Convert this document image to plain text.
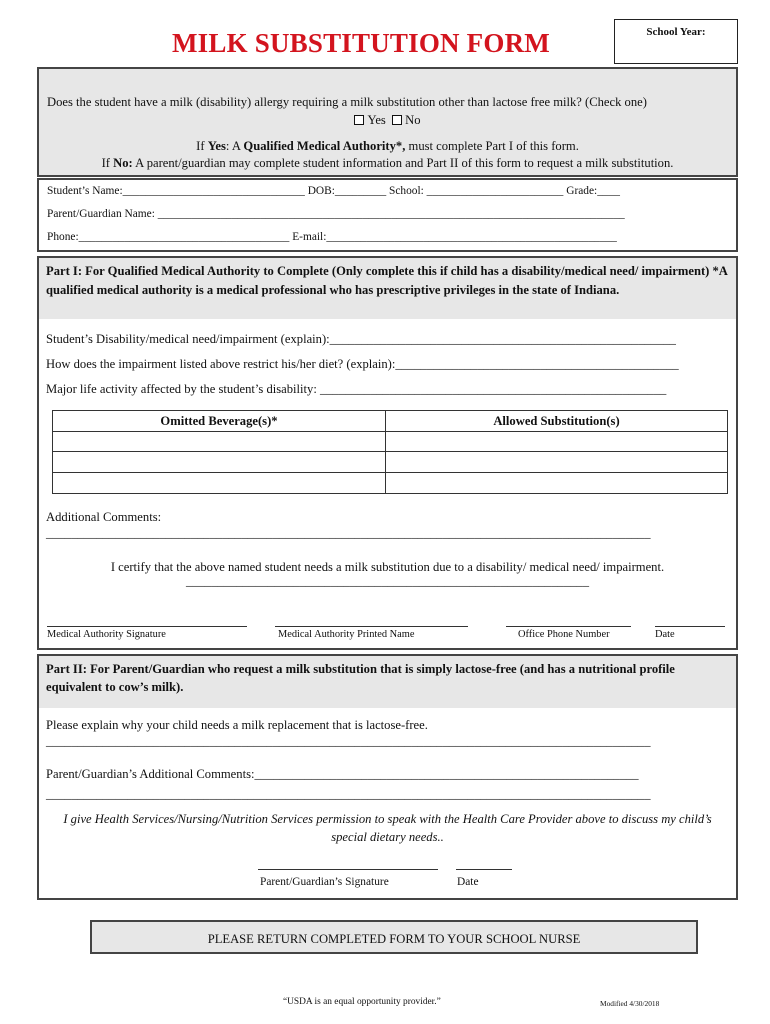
MILK SUBSTITUTION FORM	School Year:
Does the student have a milk (disability) allergy requiring a milk substitution other than lactose free milk? (Check one)
Yes No
If Yes: A Qualified Medical Authority*, must complete Part I of this form.
If No: A parent/guardian may complete student information and Part II of this form to request a milk substitution.
Student’s Name:________________________________ DOB:_________ School: ________________________ Grade:____
Parent/Guardian Name: __________________________________________________________________________________
Phone:_____________________________________ E-mail:___________________________________________________
Part I: For Qualified Medical Authority to Complete (Only complete this if child has a disability/medical need/ impairment) *A qualified medical authority is a medical professional who has prescriptive privileges in the state of Indiana.
Student’s Disability/medical need/impairment (explain):_______________________________________________________
How does the impairment listed above restrict his/her diet? (explain):_____________________________________________
Major life activity affected by the student’s disability: _______________________________________________________
Omitted Beverage(s)*	Allowed Substitution(s)
Additional Comments:
________________________________________________________________________________________________
I certify that the above named student needs a milk substitution due to a disability/ medical need/ impairment.
________________________________________________________________
Medical Authority Signature	Medical Authority Printed Name	Office Phone Number	Date
Part II: For Parent/Guardian who request a milk substitution that is simply lactose-free (and has a nutritional profile equivalent to cow’s milk).
Please explain why your child needs a milk replacement that is lactose-free.
________________________________________________________________________________________________
Parent/Guardian’s Additional Comments:_____________________________________________________________
________________________________________________________________________________________________
I give Health Services/Nursing/Nutrition Services permission to speak with the Health Care Provider above to discuss my child’s special dietary needs..
Parent/Guardian’s Signature	Date
PLEASE RETURN COMPLETED FORM TO YOUR SCHOOL NURSE
“USDA is an equal opportunity provider.”	Modified 4/30/2018
